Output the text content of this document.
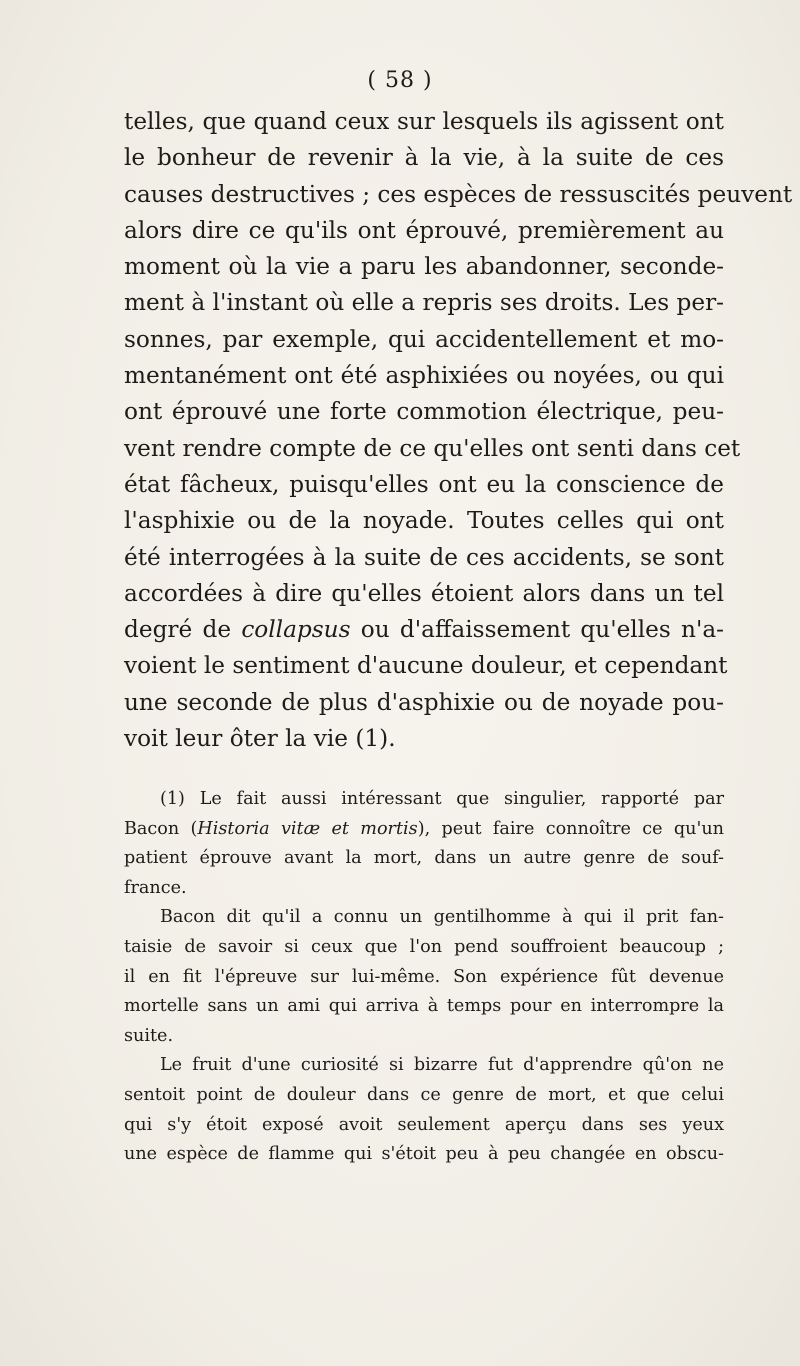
( 58 )
telles, que quand ceux sur lesquels ils agissent ont
le bonheur de revenir à la vie, à la suite de ces
causes destructives ; ces espèces de ressuscités peuvent
alors dire ce qu'ils ont éprouvé, premièrement au
moment où la vie a paru les abandonner, seconde-
ment à l'instant où elle a repris ses droits. Les per-
sonnes, par exemple, qui accidentellement et mo-
mentanément ont été asphixiées ou noyées, ou qui
ont éprouvé une forte commotion électrique, peu-
vent rendre compte de ce qu'elles ont senti dans cet
état fâcheux, puisqu'elles ont eu la conscience de
l'asphixie ou de la noyade. Toutes celles qui ont
été interrogées à la suite de ces accidents, se sont
accordées à dire qu'elles étoient alors dans un tel
degré de collapsus ou d'affaissement qu'elles n'a-
voient le sentiment d'aucune douleur, et cependant
une seconde de plus d'asphixie ou de noyade pou-
voit leur ôter la vie (1).
(1) Le fait aussi intéressant que singulier, rapporté par
Bacon (Historia vitæ et mortis), peut faire connoître ce qu'un
patient éprouve avant la mort, dans un autre genre de souf-
france.
Bacon dit qu'il a connu un gentilhomme à qui il prit fan-
taisie de savoir si ceux que l'on pend souffroient beaucoup ;
il en fit l'épreuve sur lui-même. Son expérience fût devenue
mortelle sans un ami qui arriva à temps pour en interrompre la
suite.
Le fruit d'une curiosité si bizarre fut d'apprendre qû'on ne
sentoit point de douleur dans ce genre de mort, et que celui
qui s'y étoit exposé avoit seulement aperçu dans ses yeux
une espèce de flamme qui s'étoit peu à peu changée en obscu-
